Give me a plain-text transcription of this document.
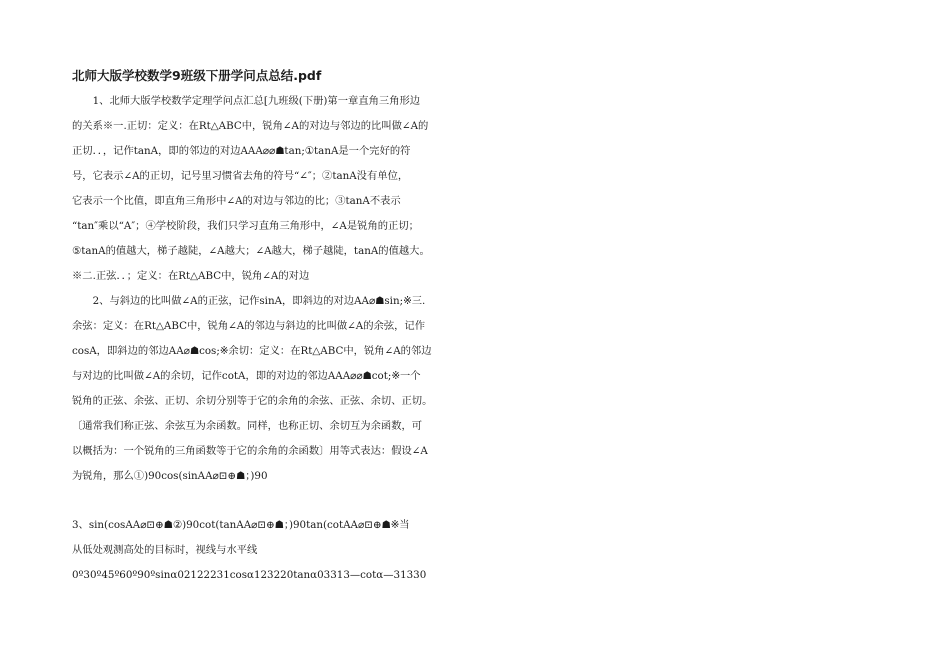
北师大版学校数学9班级下册学问点总结.pdf
　　1、北师大版学校数学定理学问点汇总[九班级(下册)第一章直角三角形边
的关系※一.正切：定义：在Rt△ABC中，锐角∠A的对边与邻边的比叫做∠A的
正切．．，记作tanA，即的邻边的对边AAA⌀⌀☗tan;①tanA是一个完好的符
号，它表示∠A的正切，记号里习惯省去角的符号“∠″；②tanA没有单位，
它表示一个比值，即直角三角形中∠A的对边与邻边的比；③tanA不表示
“tan″乘以“A″；④学校阶段，我们只学习直角三角形中，∠A是锐角的正切；
⑤tanA的值越大，梯子越陡，∠A越大；∠A越大，梯子越陡，tanA的值越大。
※二.正弦．．；定义：在Rt△ABC中，锐角∠A的对边
　　2、与斜边的比叫做∠A的正弦，记作sinA，即斜边的对边AA⌀☗sin;※三.
余弦：定义：在Rt△ABC中，锐角∠A的邻边与斜边的比叫做∠A的余弦，记作
cosA，即斜边的邻边AA⌀☗cos;※余切：定义：在Rt△ABC中，锐角∠A的邻边
与对边的比叫做∠A的余切，记作cotA，即的对边的邻边AAA⌀⌀☗cot;※一个
锐角的正弦、余弦、正切、余切分别等于它的余角的余弦、正弦、余切、正切。
〔通常我们称正弦、余弦互为余函数。同样，也称正切、余切互为余函数，可
以概括为：一个锐角的三角函数等于它的余角的余函数〕用等式表达：假设∠A
为锐角，那么①)90cos(sinAA⌀⊡⊕☗；)90
3、sin(cosAA⌀⊡⊕☗②)90cot(tanAA⌀⊡⊕☗；)90tan(cotAA⌀⊡⊕☗※当
从低处观测高处的目标时，视线与水平线
0º30º45º60º90ºsinα02122231cosα123220tanα03313—cotα—31330
